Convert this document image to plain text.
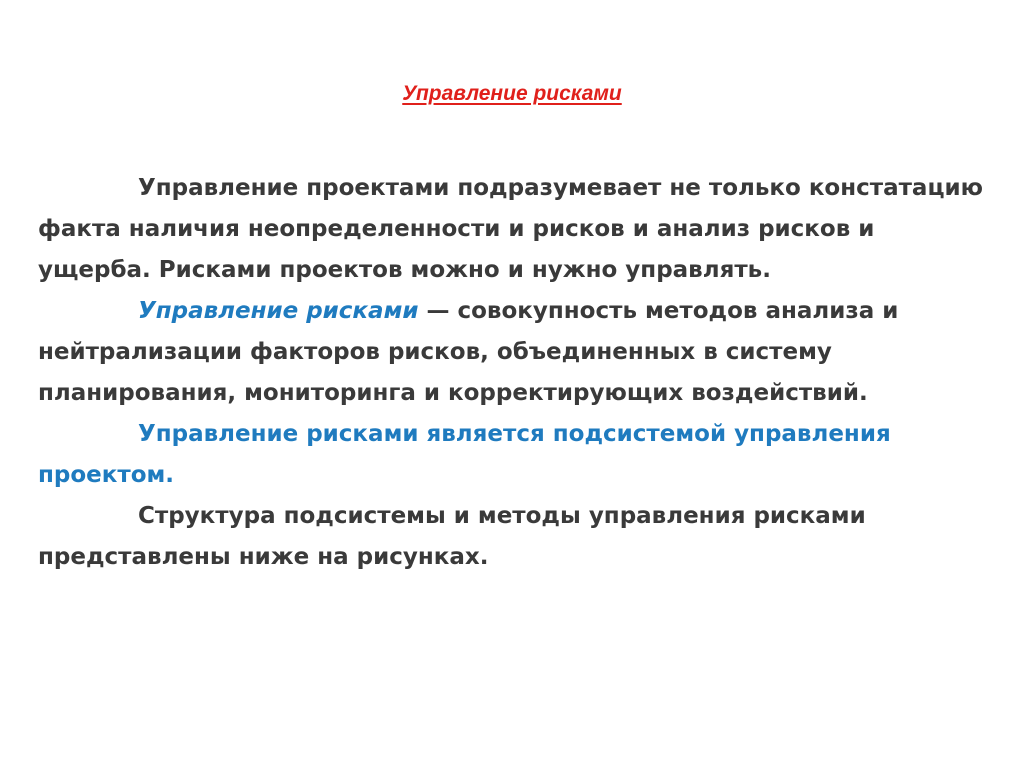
Управление рисками

Управление проектами подразумевает не только констатацию факта наличия неопределенности и рисков и анализ рисков и ущерба. Рисками проектов можно и нужно управлять.

Управление рисками — совокупность методов анализа и нейтрализации факторов рисков, объединенных в систему планирования, мониторинга и корректирующих воздействий.

Управление рисками является подсистемой управления проектом.

Структура подсистемы и методы управления рисками представлены ниже на рисунках.
